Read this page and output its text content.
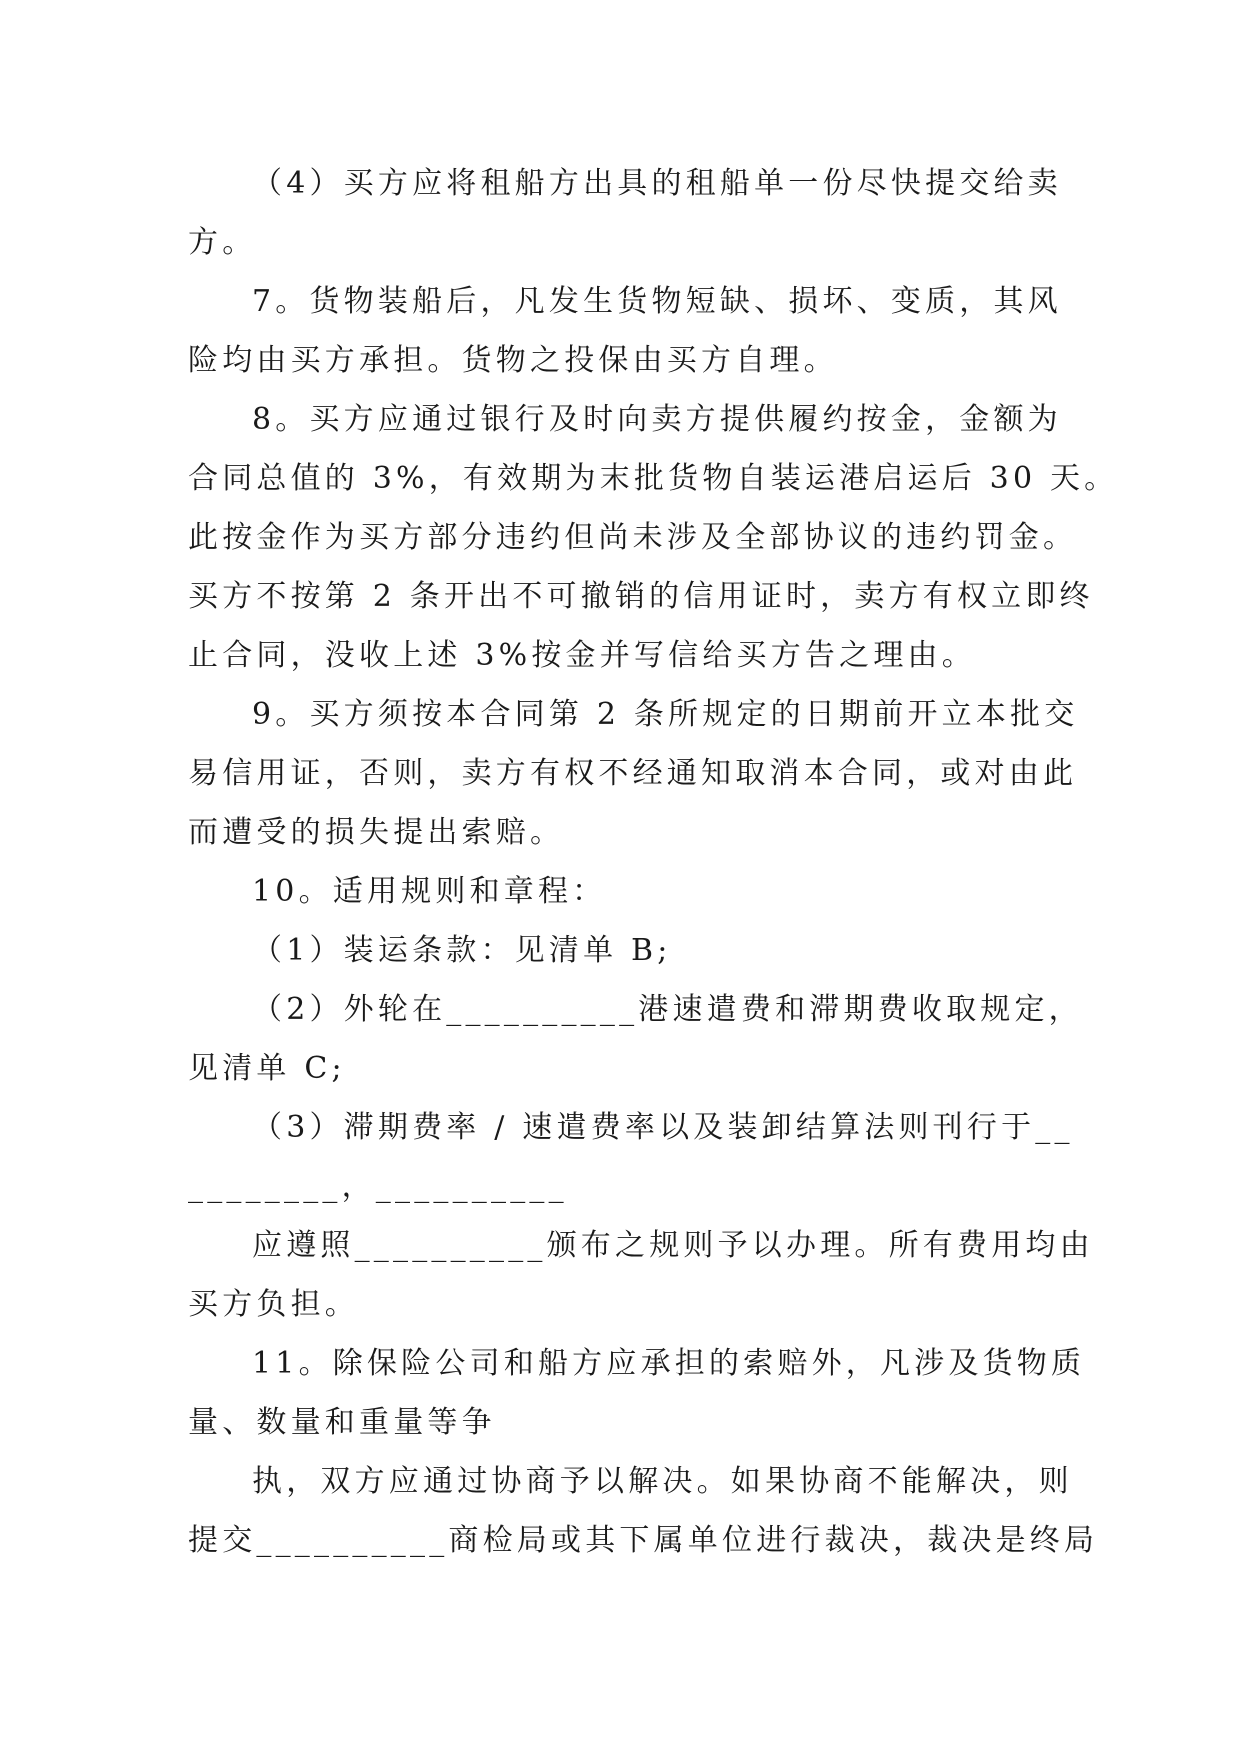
（4）买方应将租船方出具的租船单一份尽快提交给卖
方。
7。货物装船后，凡发生货物短缺、损坏、变质，其风
险均由买方承担。货物之投保由买方自理。
8。买方应通过银行及时向卖方提供履约按金，金额为
合同总值的 3%，有效期为末批货物自装运港启运后 30 天。
此按金作为买方部分违约但尚未涉及全部协议的违约罚金。
买方不按第 2 条开出不可撤销的信用证时，卖方有权立即终
止合同，没收上述 3%按金并写信给买方告之理由。
9。买方须按本合同第 2 条所规定的日期前开立本批交
易信用证，否则，卖方有权不经通知取消本合同，或对由此
而遭受的损失提出索赔。
10。适用规则和章程：
（1）装运条款：见清单 B;
（2）外轮在__________港速遣费和滞期费收取规定，
见清单 C;
（3）滞期费率 / 速遣费率以及装卸结算法则刊行于__
________，__________
应遵照__________颁布之规则予以办理。所有费用均由
买方负担。
11。除保险公司和船方应承担的索赔外，凡涉及货物质
量、数量和重量等争
执，双方应通过协商予以解决。如果协商不能解决，则
提交__________商检局或其下属单位进行裁决，裁决是终局
